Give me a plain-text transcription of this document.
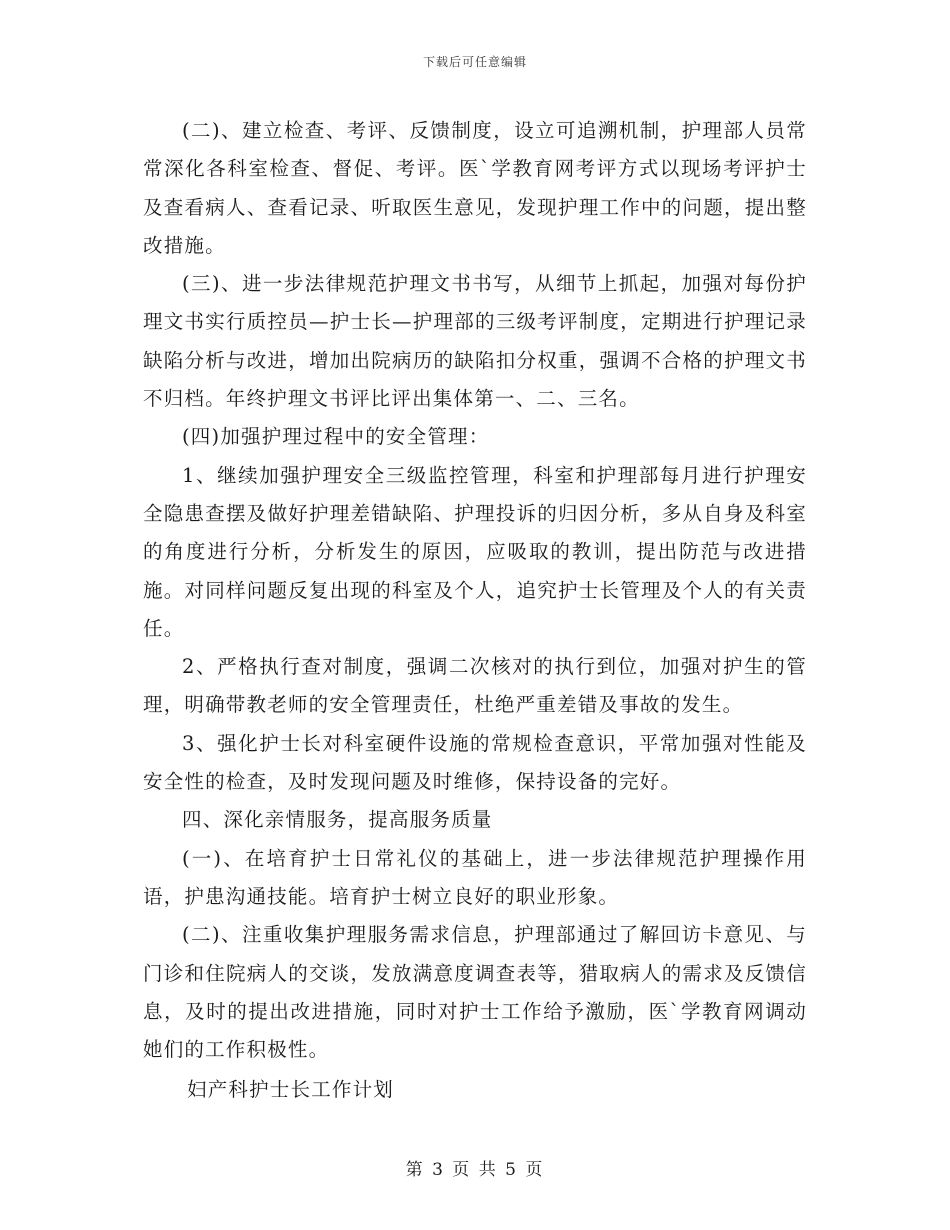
下载后可任意编辑

(二)、建立检查、考评、反馈制度，设立可追溯机制，护理部人员常常深化各科室检查、督促、考评。医`学教育网考评方式以现场考评护士及查看病人、查看记录、听取医生意见，发现护理工作中的问题，提出整改措施。

(三)、进一步法律规范护理文书书写，从细节上抓起，加强对每份护理文书实行质控员—护士长—护理部的三级考评制度，定期进行护理记录缺陷分析与改进，增加出院病历的缺陷扣分权重，强调不合格的护理文书不归档。年终护理文书评比评出集体第一、二、三名。

(四)加强护理过程中的安全管理：

1、继续加强护理安全三级监控管理，科室和护理部每月进行护理安全隐患查摆及做好护理差错缺陷、护理投诉的归因分析，多从自身及科室的角度进行分析，分析发生的原因，应吸取的教训，提出防范与改进措施。对同样问题反复出现的科室及个人，追究护士长管理及个人的有关责任。

2、严格执行查对制度，强调二次核对的执行到位，加强对护生的管理，明确带教老师的安全管理责任，杜绝严重差错及事故的发生。

3、强化护士长对科室硬件设施的常规检查意识，平常加强对性能及安全性的检查，及时发现问题及时维修，保持设备的完好。

四、深化亲情服务，提高服务质量

(一)、在培育护士日常礼仪的基础上，进一步法律规范护理操作用语，护患沟通技能。培育护士树立良好的职业形象。

(二)、注重收集护理服务需求信息，护理部通过了解回访卡意见、与门诊和住院病人的交谈，发放满意度调查表等，猎取病人的需求及反馈信息，及时的提出改进措施，同时对护士工作给予激励，医`学教育网调动她们的工作积极性。

妇产科护士长工作计划

第 3 页 共 5 页
